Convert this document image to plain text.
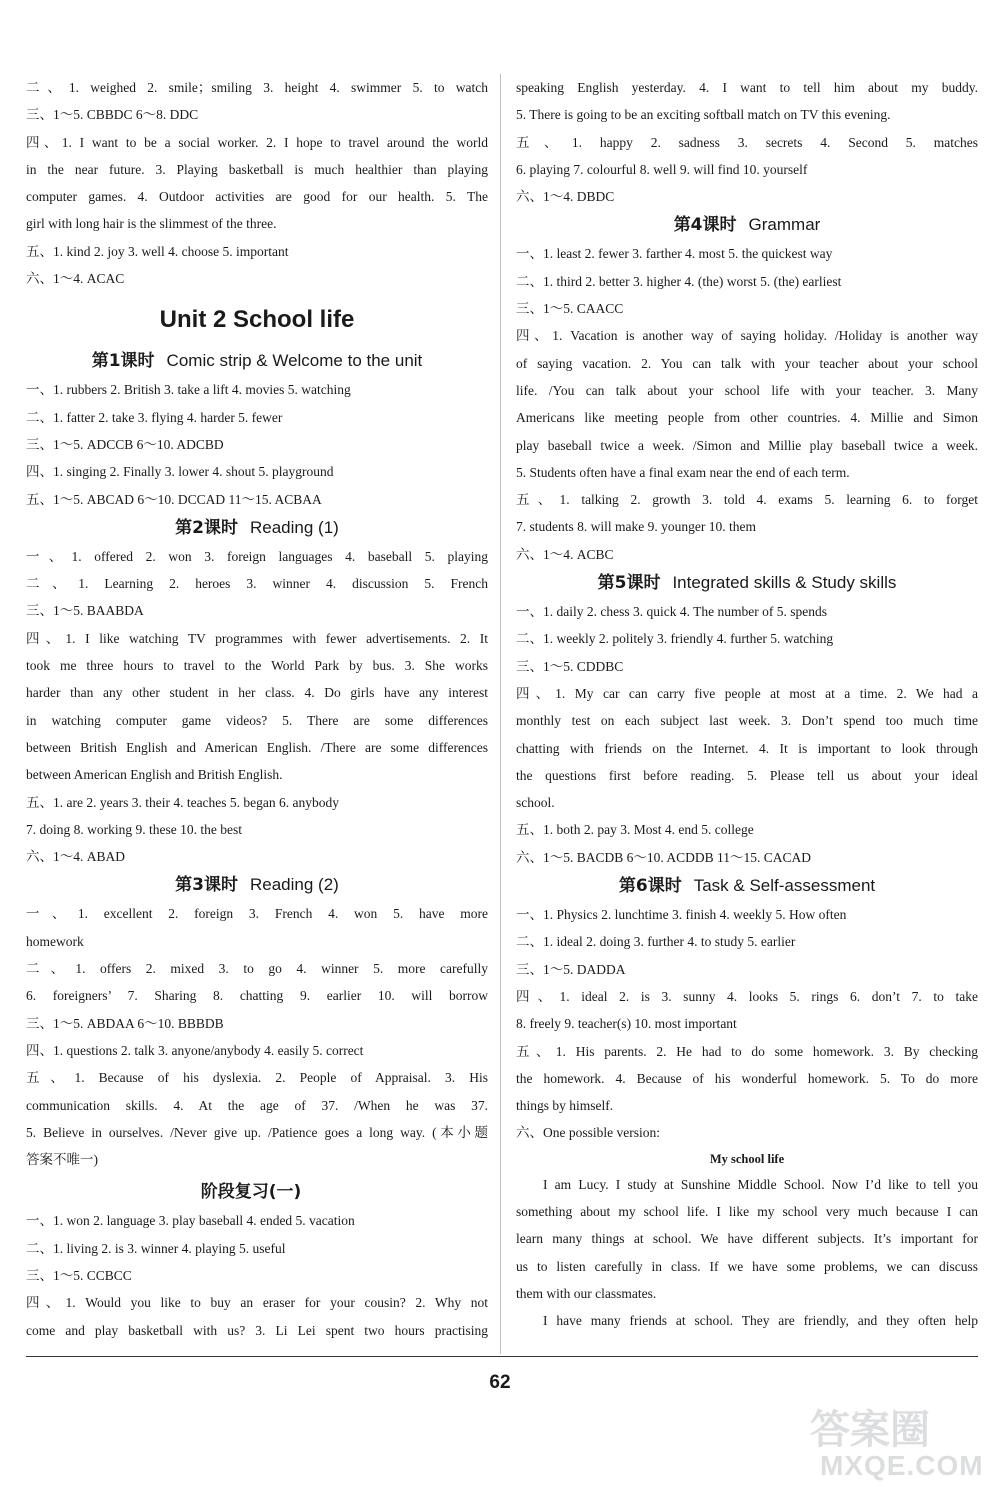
二、1. weighed 2. smile；smiling 3. height 4. swimmer 5. to watch
三、1～5. CBBDC 6～8. DDC
四、1. I want to be a social worker. 2. I hope to travel around the world
in the near future. 3. Playing basketball is much healthier than playing
computer games. 4. Outdoor activities are good for our health. 5. The
girl with long hair is the slimmest of the three.
五、1. kind 2. joy 3. well 4. choose 5. important
六、1～4. ACAC
Unit 2 School life
第1课时 Comic strip & Welcome to the unit
一、1. rubbers 2. British 3. take a lift 4. movies 5. watching
二、1. fatter 2. take 3. flying 4. harder 5. fewer
三、1～5. ADCCB 6～10. ADCBD
四、1. singing 2. Finally 3. lower 4. shout 5. playground
五、1～5. ABCAD 6～10. DCCAD 11～15. ACBAA
第2课时 Reading (1)
一、1. offered 2. won 3. foreign languages 4. baseball 5. playing
二、1. Learning 2. heroes 3. winner 4. discussion 5. French
三、1～5. BAABDA
四、1. I like watching TV programmes with fewer advertisements. 2. It
took me three hours to travel to the World Park by bus. 3. She works
harder than any other student in her class. 4. Do girls have any interest
in watching computer game videos? 5. There are some differences
between British English and American English. /There are some differences
between American English and British English.
五、1. are 2. years 3. their 4. teaches 5. began 6. anybody
7. doing 8. working 9. these 10. the best
六、1～4. ABAD
第3课时 Reading (2)
一、1. excellent 2. foreign 3. French 4. won 5. have more
homework
二、1. offers 2. mixed 3. to go 4. winner 5. more carefully
6. foreigners’ 7. Sharing 8. chatting 9. earlier 10. will borrow
三、1～5. ABDAA 6～10. BBBDB
四、1. questions 2. talk 3. anyone/anybody 4. easily 5. correct
五、1. Because of his dyslexia. 2. People of Appraisal. 3. His
communication skills. 4. At the age of 37. /When he was 37.
5. Believe in ourselves. /Never give up. /Patience goes a long way. (本小题
答案不唯一)
阶段复习(一)
一、1. won 2. language 3. play baseball 4. ended 5. vacation
二、1. living 2. is 3. winner 4. playing 5. useful
三、1～5. CCBCC
四、1. Would you like to buy an eraser for your cousin? 2. Why not
come and play basketball with us? 3. Li Lei spent two hours practising
speaking English yesterday. 4. I want to tell him about my buddy.
5. There is going to be an exciting softball match on TV this evening.
五、1. happy 2. sadness 3. secrets 4. Second 5. matches
6. playing 7. colourful 8. well 9. will find 10. yourself
六、1～4. DBDC
第4课时 Grammar
一、1. least 2. fewer 3. farther 4. most 5. the quickest way
二、1. third 2. better 3. higher 4. (the) worst 5. (the) earliest
三、1～5. CAACC
四、1. Vacation is another way of saying holiday. /Holiday is another way
of saying vacation. 2. You can talk with your teacher about your school
life. /You can talk about your school life with your teacher. 3. Many
Americans like meeting people from other countries. 4. Millie and Simon
play baseball twice a week. /Simon and Millie play baseball twice a week.
5. Students often have a final exam near the end of each term.
五、1. talking 2. growth 3. told 4. exams 5. learning 6. to forget
7. students 8. will make 9. younger 10. them
六、1～4. ACBC
第5课时 Integrated skills & Study skills
一、1. daily 2. chess 3. quick 4. The number of 5. spends
二、1. weekly 2. politely 3. friendly 4. further 5. watching
三、1～5. CDDBC
四、1. My car can carry five people at most at a time. 2. We had a
monthly test on each subject last week. 3. Don’t spend too much time
chatting with friends on the Internet. 4. It is important to look through
the questions first before reading. 5. Please tell us about your ideal
school.
五、1. both 2. pay 3. Most 4. end 5. college
六、1～5. BACDB 6～10. ACDDB 11～15. CACAD
第6课时 Task & Self-assessment
一、1. Physics 2. lunchtime 3. finish 4. weekly 5. How often
二、1. ideal 2. doing 3. further 4. to study 5. earlier
三、1～5. DADDA
四、1. ideal 2. is 3. sunny 4. looks 5. rings 6. don’t 7. to take
8. freely 9. teacher(s) 10. most important
五、1. His parents. 2. He had to do some homework. 3. By checking
the homework. 4. Because of his wonderful homework. 5. To do more
things by himself.
六、One possible version:
My school life
I am Lucy. I study at Sunshine Middle School. Now I’d like to tell you
something about my school life. I like my school very much because I can
learn many things at school. We have different subjects. It’s important for
us to listen carefully in class. If we have some problems, we can discuss
them with our classmates.
I have many friends at school. They are friendly, and they often help
62
答案圈
MXQE.COM
